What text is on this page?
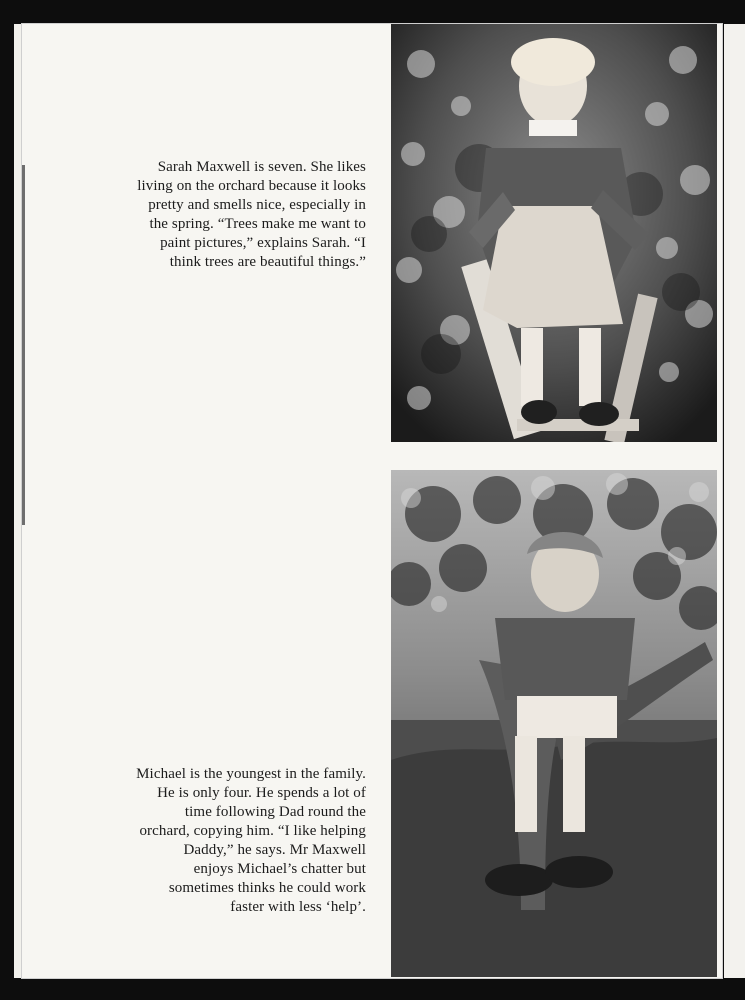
Sarah Maxwell is seven. She likes
living on the orchard because it looks
pretty and smells nice, especially in
the spring. “Trees make me want to
paint pictures,” explains Sarah. “I
think trees are beautiful things.”
Michael is the youngest in the family.
He is only four. He spends a lot of
time following Dad round the
orchard, copying him. “I like helping
Daddy,” he says. Mr Maxwell
enjoys Michael’s chatter but
sometimes thinks he could work
faster with less ‘help’.
